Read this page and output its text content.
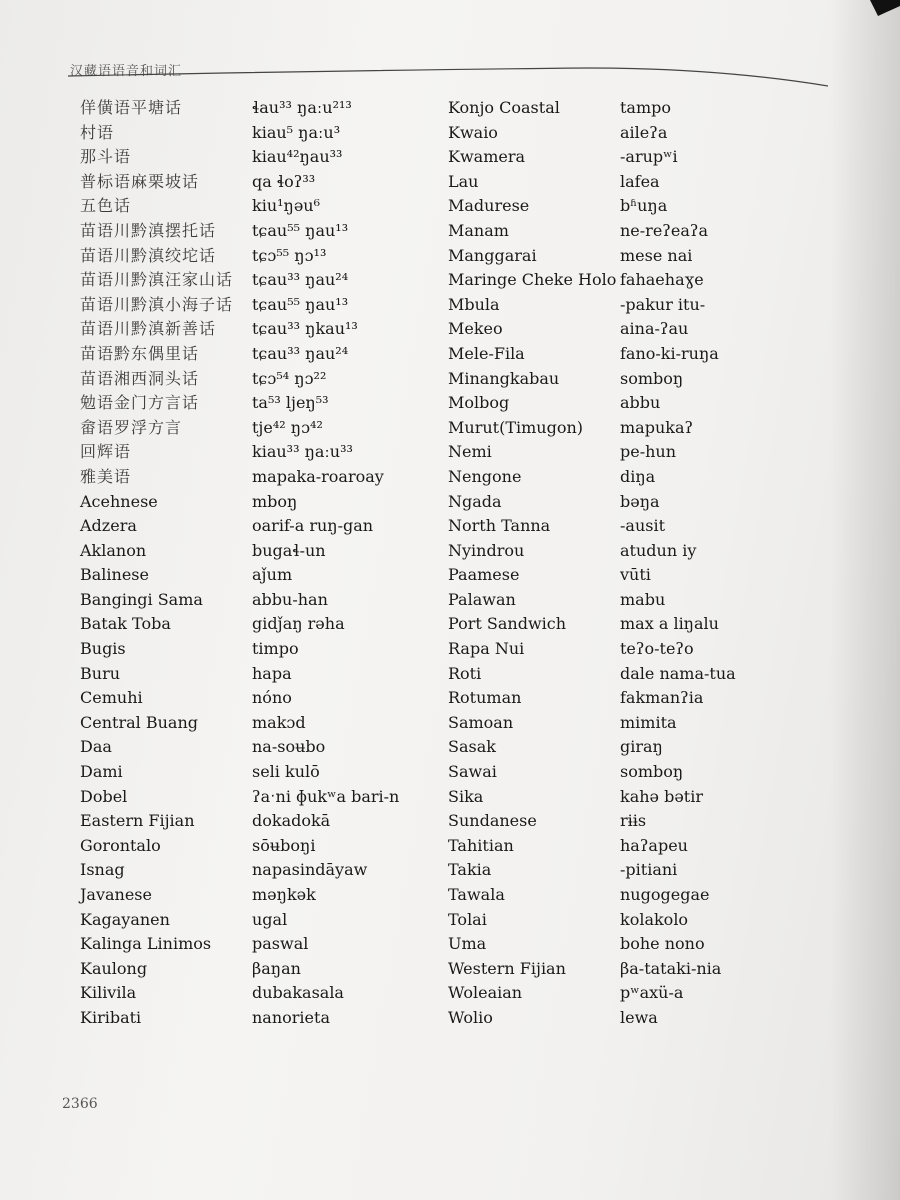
汉藏语语音和词汇
佯僙语平塘话
村语
那斗语
普标语麻栗坡话
五色话
苗语川黔滇摆托话
苗语川黔滇绞坨话
苗语川黔滇汪家山话
苗语川黔滇小海子话
苗语川黔滇新善话
苗语黔东偶里话
苗语湘西洞头话
勉语金门方言话
畲语罗浮方言
回辉语
雅美语
Acehnese
Adzera
Aklanon
Balinese
Bangingi Sama
Batak Toba
Bugis
Buru
Cemuhi
Central Buang
Daa
Dami
Dobel
Eastern Fijian
Gorontalo
Isnag
Javanese
Kagayanen
Kalinga Linimos
Kaulong
Kilivila
Kiribati
ɬau³³ ŋaːu²¹³
kiau⁵ ŋaːu³
kiau⁴²ŋau³³
qa ɬoʔ³³
kiu¹ŋəu⁶
tɕau⁵⁵ ŋau¹³
tɕɔ⁵⁵ ŋɔ¹³
tɕau³³ ŋau²⁴
tɕau⁵⁵ ŋau¹³
tɕau³³ ŋkau¹³
tɕau³³ ŋau²⁴
tɕɔ⁵⁴ ŋɔ²²
ta⁵³ ljeŋ⁵³
tje⁴² ŋɔ⁴²
kiau³³ ŋaːu³³
mapaka-roaroay
mboŋ
oarif-a ruŋ-gan
bugaɬ-un
aǰum
abbu-han
gidǰaŋ rəha
timpo
hapa
nóno
makɔd
na-soʉbo
seli kulō
ʔaˑni ɸukʷa bari-n
dokadokā
sōʉboŋi
napasindāyaw
məŋkək
ugal
paswal
βaŋan
dubakasala
nanorieta
Konjo Coastal
Kwaio
Kwamera
Lau
Madurese
Manam
Manggarai
Maringe Cheke Holo
Mbula
Mekeo
Mele-Fila
Minangkabau
Molbog
Murut(Timugon)
Nemi
Nengone
Ngada
North Tanna
Nyindrou
Paamese
Palawan
Port Sandwich
Rapa Nui
Roti
Rotuman
Samoan
Sasak
Sawai
Sika
Sundanese
Tahitian
Takia
Tawala
Tolai
Uma
Western Fijian
Woleaian
Wolio
tampo
aileʔa
-arupʷi
lafea
bʱuŋa
ne-reʔeaʔa
mese nai
fahaehaɣe
-pakur itu-
aina-ʔau
fano-ki-ruŋa
somboŋ
abbu
mapukaʔ
pe-hun
diŋa
bəŋa
-ausit
atudun iy
vūti
mabu
max a liŋalu
teʔo-teʔo
dale nama-tua
fakmanʔia
mimita
giraŋ
somboŋ
kahə bətir
rɨɨs
haʔapeu
-pitiani
nugogegae
kolakolo
bohe nono
βa-tataki-nia
pʷaxü-a
lewa
2366
